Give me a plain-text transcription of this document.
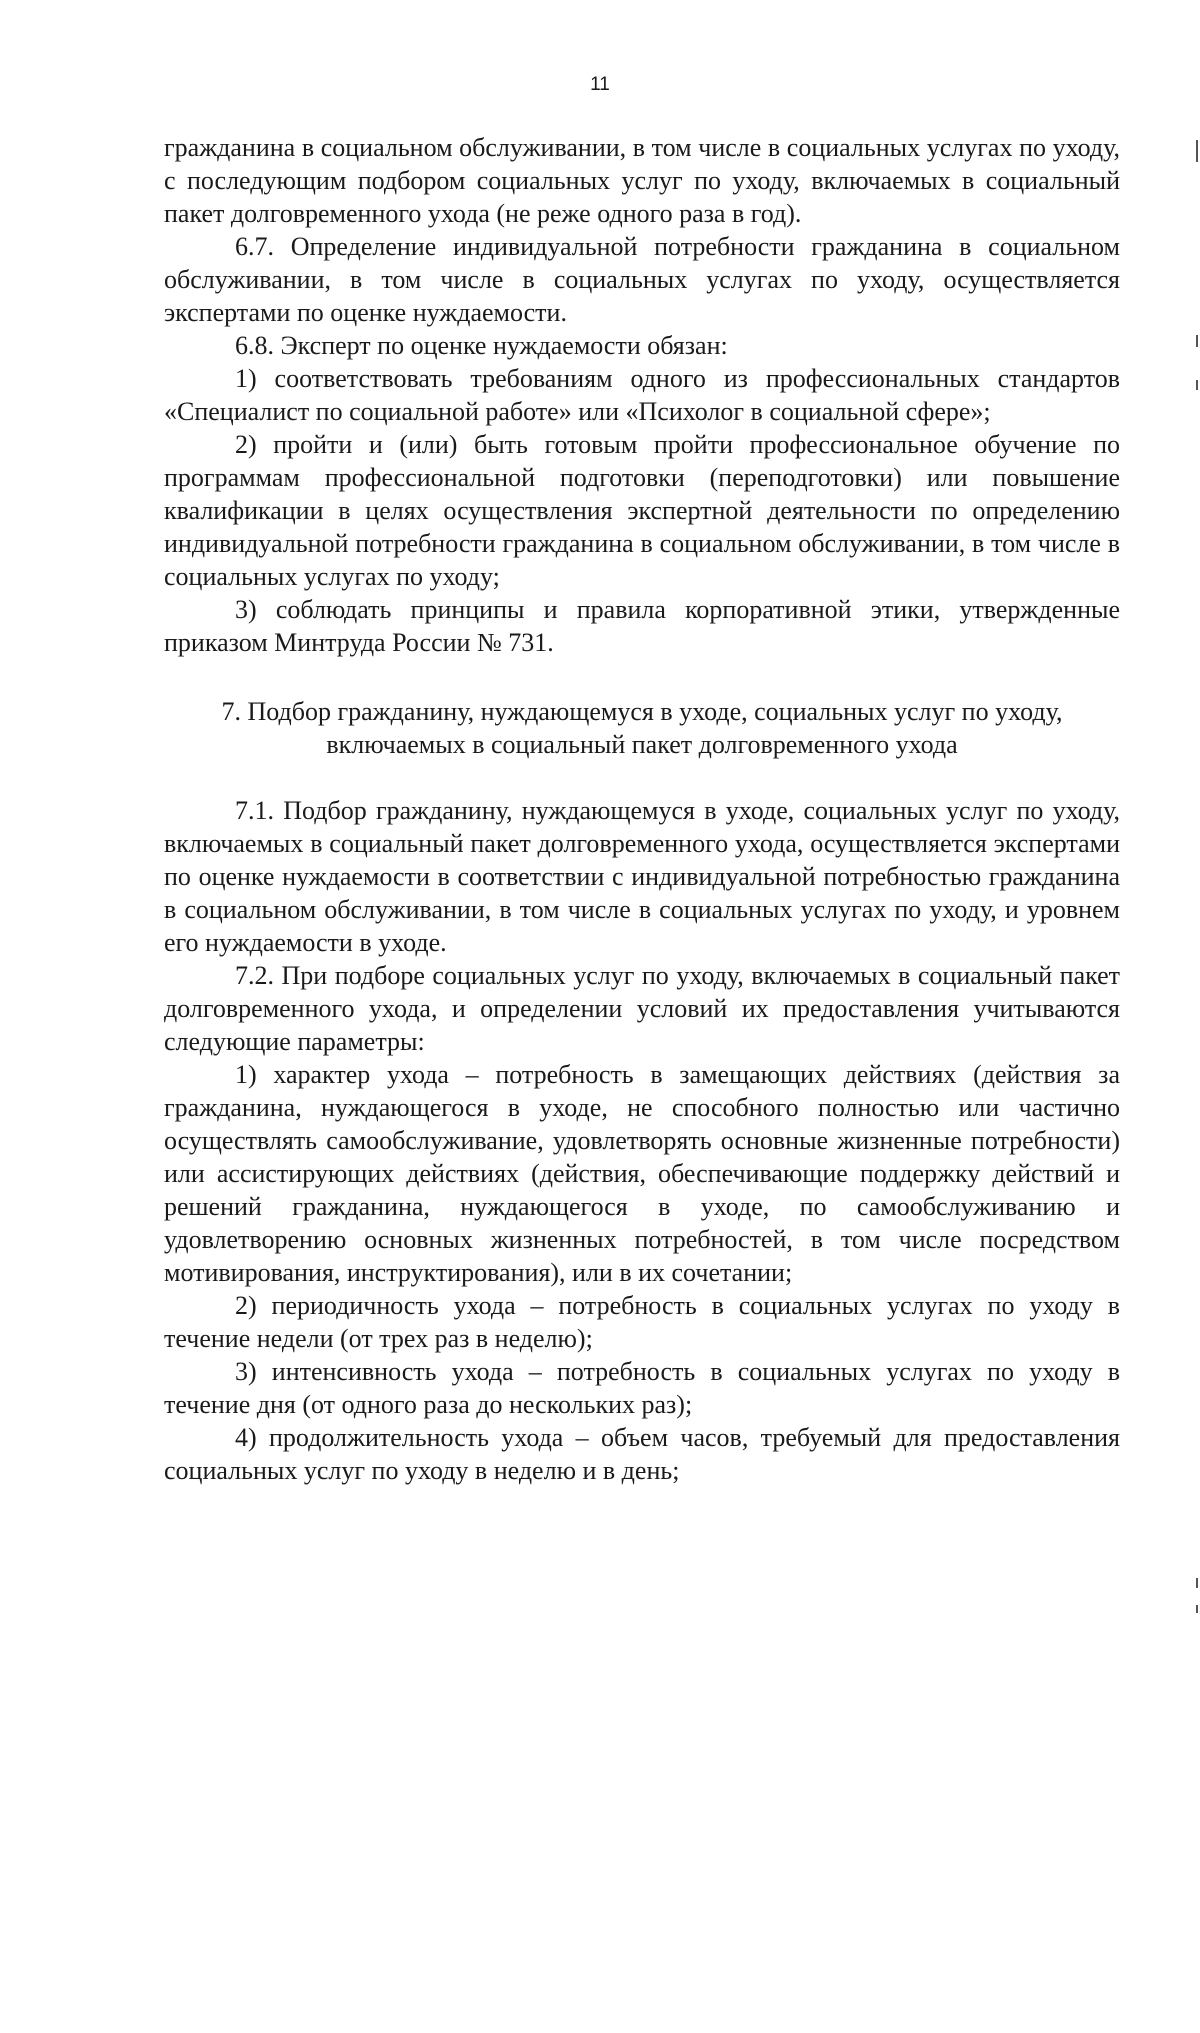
11

гражданина в социальном обслуживании, в том числе в социальных услугах по уходу, с последующим подбором социальных услуг по уходу, включаемых в социальный пакет долговременного ухода (не реже одного раза в год).

6.7. Определение индивидуальной потребности гражданина в социальном обслуживании, в том числе в социальных услугах по уходу, осуществляется экспертами по оценке нуждаемости.

6.8. Эксперт по оценке нуждаемости обязан:

1) соответствовать требованиям одного из профессиональных стандартов «Специалист по социальной работе» или «Психолог в социальной сфере»;

2) пройти и (или) быть готовым пройти профессиональное обучение по программам профессиональной подготовки (переподготовки) или повышение квалификации в целях осуществления экспертной деятельности по определению индивидуальной потребности гражданина в социальном обслуживании, в том числе в социальных услугах по уходу;

3) соблюдать принципы и правила корпоративной этики, утвержденные приказом Минтруда России № 731.

7. Подбор гражданину, нуждающемуся в уходе, социальных услуг по уходу,
включаемых в социальный пакет долговременного ухода

7.1. Подбор гражданину, нуждающемуся в уходе, социальных услуг по уходу, включаемых в социальный пакет долговременного ухода, осуществляется экспертами по оценке нуждаемости в соответствии с индивидуальной потребностью гражданина в социальном обслуживании, в том числе в социальных услугах по уходу, и уровнем его нуждаемости в уходе.

7.2. При подборе социальных услуг по уходу, включаемых в социальный пакет долговременного ухода, и определении условий их предоставления учитываются следующие параметры:

1) характер ухода – потребность в замещающих действиях (действия за гражданина, нуждающегося в уходе, не способного полностью или частично осуществлять самообслуживание, удовлетворять основные жизненные потребности) или ассистирующих действиях (действия, обеспечивающие поддержку действий и решений гражданина, нуждающегося в уходе, по самообслуживанию и удовлетворению основных жизненных потребностей, в том числе посредством мотивирования, инструктирования), или в их сочетании;

2) периодичность ухода – потребность в социальных услугах по уходу в течение недели (от трех раз в неделю);

3) интенсивность ухода – потребность в социальных услугах по уходу в течение дня (от одного раза до нескольких раз);

4) продолжительность ухода – объем часов, требуемый для предоставления социальных услуг по уходу в неделю и в день;
